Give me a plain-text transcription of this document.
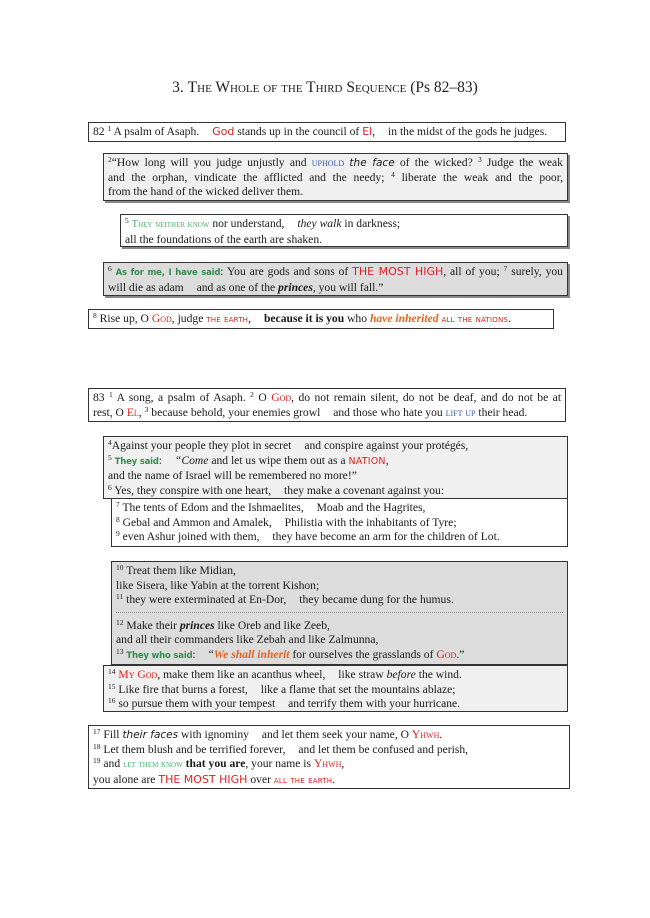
3. The Whole of the Third Sequence (Ps 82–83)
82 $^1$ A psalm of Asaph. God stands up in the council of El, in the midst of the gods he judges.
$^2$“How long will you judge unjustly and uphold the face of the wicked? $^3$ Judge the weak
and the orphan, vindicate the afflicted and the needy; $^4$ liberate the weak and the poor,
from the hand of the wicked deliver them.
$^5$ They neither know nor understand, they walk in darkness;
all the foundations of the earth are shaken.
$^6$ As for me, I have said: You are gods and sons of THE MOST HIGH, all of you; $^7$ surely, you
will die as adam and as one of the princes, you will fall.”
$^8$ Rise up, O God, judge the earth, because it is you who have inherited all the nations.
83 $^1$ A song, a psalm of Asaph. $^2$ O God, do not remain silent, do not be deaf, and do not be at
rest, O El, $^3$ because behold, your enemies growl and those who hate you lift up their head.
$^4$Against your people they plot in secret and conspire against your protégés,
$^5$ They said: “Come and let us wipe them out as a NATION,
and the name of Israel will be remembered no more!”
$^6$ Yes, they conspire with one heart, they make a covenant against you:
$^7$ The tents of Edom and the Ishmaelites, Moab and the Hagrites,
$^8$ Gebal and Ammon and Amalek, Philistia with the inhabitants of Tyre;
$^9$ even Ashur joined with them, they have become an arm for the children of Lot.
$^{10}$ Treat them like Midian,
like Sisera, like Yabin at the torrent Kishon;
$^{11}$ they were exterminated at En-Dor, they became dung for the humus.
$^{12}$ Make their princes like Oreb and like Zeeb,
and all their commanders like Zebah and like Zalmunna,
$^{13}$ They who said: “We shall inherit for ourselves the grasslands of God.”
$^{14}$ My God, make them like an acanthus wheel, like straw before the wind.
$^{15}$ Like fire that burns a forest, like a flame that set the mountains ablaze;
$^{16}$ so pursue them with your tempest and terrify them with your hurricane.
$^{17}$ Fill their faces with ignominy and let them seek your name, O Yhwh.
$^{18}$ Let them blush and be terrified forever, and let them be confused and perish,
$^{19}$ and let them know that you are, your name is Yhwh,
you alone are THE MOST HIGH over all the earth.
